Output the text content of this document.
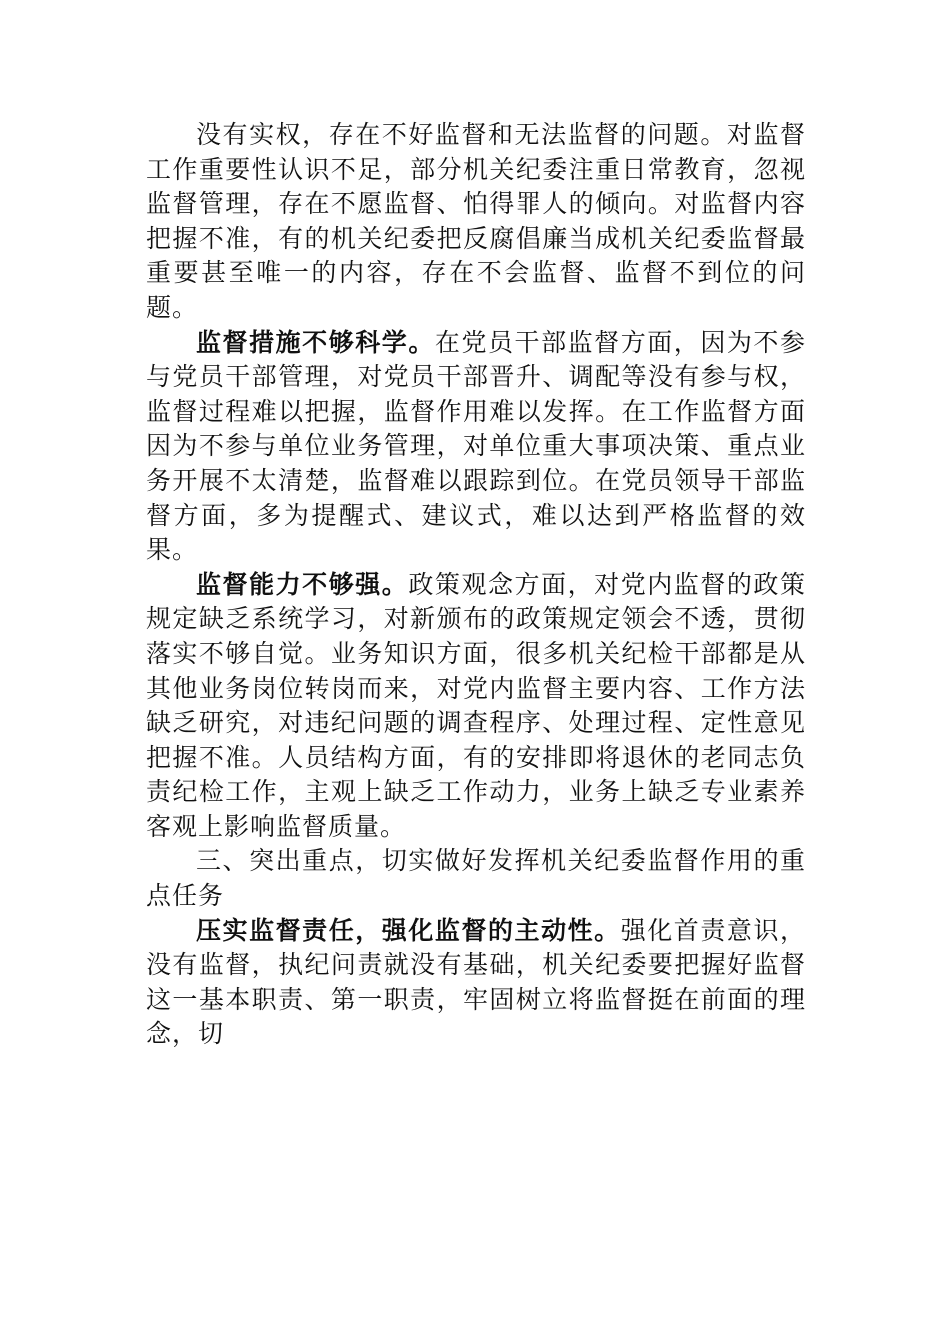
没有实权，存在不好监督和无法监督的问题。对监督工作重要性认识不足，部分机关纪委注重日常教育，忽视监督管理，存在不愿监督、怕得罪人的倾向。对监督内容把握不准，有的机关纪委把反腐倡廉当成机关纪委监督最重要甚至唯一的内容，存在不会监督、监督不到位的问题。

监督措施不够科学。在党员干部监督方面，因为不参与党员干部管理，对党员干部晋升、调配等没有参与权，监督过程难以把握，监督作用难以发挥。在工作监督方面因为不参与单位业务管理，对单位重大事项决策、重点业务开展不太清楚，监督难以跟踪到位。在党员领导干部监督方面，多为提醒式、建议式，难以达到严格监督的效果。

监督能力不够强。政策观念方面，对党内监督的政策规定缺乏系统学习，对新颁布的政策规定领会不透，贯彻落实不够自觉。业务知识方面，很多机关纪检干部都是从其他业务岗位转岗而来，对党内监督主要内容、工作方法缺乏研究，对违纪问题的调查程序、处理过程、定性意见把握不准。人员结构方面，有的安排即将退休的老同志负责纪检工作，主观上缺乏工作动力，业务上缺乏专业素养客观上影响监督质量。

三、突出重点，切实做好发挥机关纪委监督作用的重点任务

压实监督责任，强化监督的主动性。强化首责意识，没有监督，执纪问责就没有基础，机关纪委要把握好监督这一基本职责、第一职责，牢固树立将监督挺在前面的理念，切
